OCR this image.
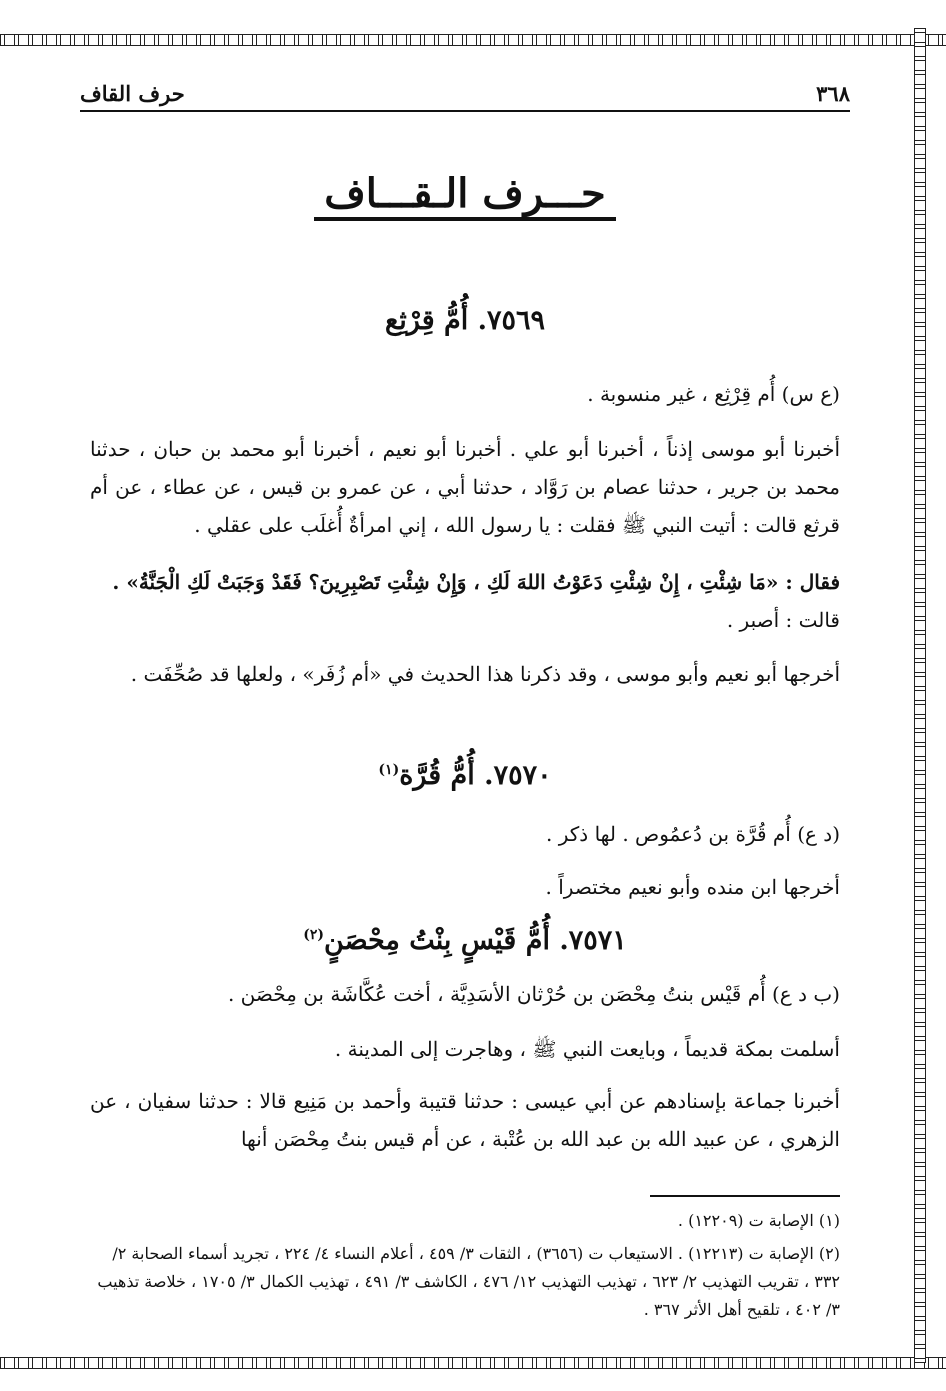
٣٦٨
حرف القاف
حـــرف الـقـــاف
٧٥٦٩. أُمُّ قِرْثِع
(ع س) أُم قِرْثِع ، غير منسوبة .
أخبرنا أبو موسى إذناً ، أخبرنا أبو علي . أخبرنا أبو نعيم ، أخبرنا أبو محمد بن حبان ، حدثنا محمد بن جرير ، حدثنا عصام بن رَوَّاد ، حدثنا أبي ، عن عمرو بن قيس ، عن عطاء ، عن أم قرثع قالت : أتيت النبي ﷺ فقلت : يا رسول الله ، إني امرأةٌ أُغلَب على عقلي .
فقال : «مَا شِئْتِ ، إِنْ شِئْتِ دَعَوْتُ اللهَ لَكِ ، وَإِنْ شِئْتِ تَصْبِرِينَ؟ فَقَدْ وَجَبَتْ لَكِ الْجَنَّةُ» .
قالت : أصبر .
أخرجها أبو نعيم وأبو موسى ، وقد ذكرنا هذا الحديث في «أم زُفَر» ، ولعلها قد صُحِّفَت .
٧٥٧٠. أُمُّ قُرَّة$^{(١)}$
(د ع) أُم قُرَّة بن دُعمُوص . لها ذكر .
أخرجها ابن منده وأبو نعيم مختصراً .
٧٥٧١. أُمُّ قَيْسٍ بِنْتُ مِحْصَنٍ$^{(٢)}$
(ب د ع) أُم قَيْس بنتُ مِحْصَن بن حُرْثان الأسَدِيَّة ، أخت عُكَّاشَة بن مِحْصَن .
أسلمت بمكة قديماً ، وبايعت النبي ﷺ ، وهاجرت إلى المدينة .
أخبرنا جماعة بإسنادهم عن أبي عيسى : حدثنا قتيبة وأحمد بن مَنِيع قالا : حدثنا سفيان ، عن الزهري ، عن عبيد الله بن عبد الله بن عُتْبة ، عن أم قيس بنتُ مِحْصَن أنها
(١) الإصابة ت (١٢٢٠٩) .
(٢) الإصابة ت (١٢٢١٣) . الاستيعاب ت (٣٦٥٦) ، الثقات ٣/ ٤٥٩ ، أعلام النساء ٤/ ٢٢٤ ، تجريد أسماء الصحابة ٢/ ٣٣٢ ، تقريب التهذيب ٢/ ٦٢٣ ، تهذيب التهذيب ١٢/ ٤٧٦ ، الكاشف ٣/ ٤٩١ ، تهذيب الكمال ٣/ ١٧٠٥ ، خلاصة تذهيب ٣/ ٤٠٢ ، تلقيح أهل الأثر ٣٦٧ .
